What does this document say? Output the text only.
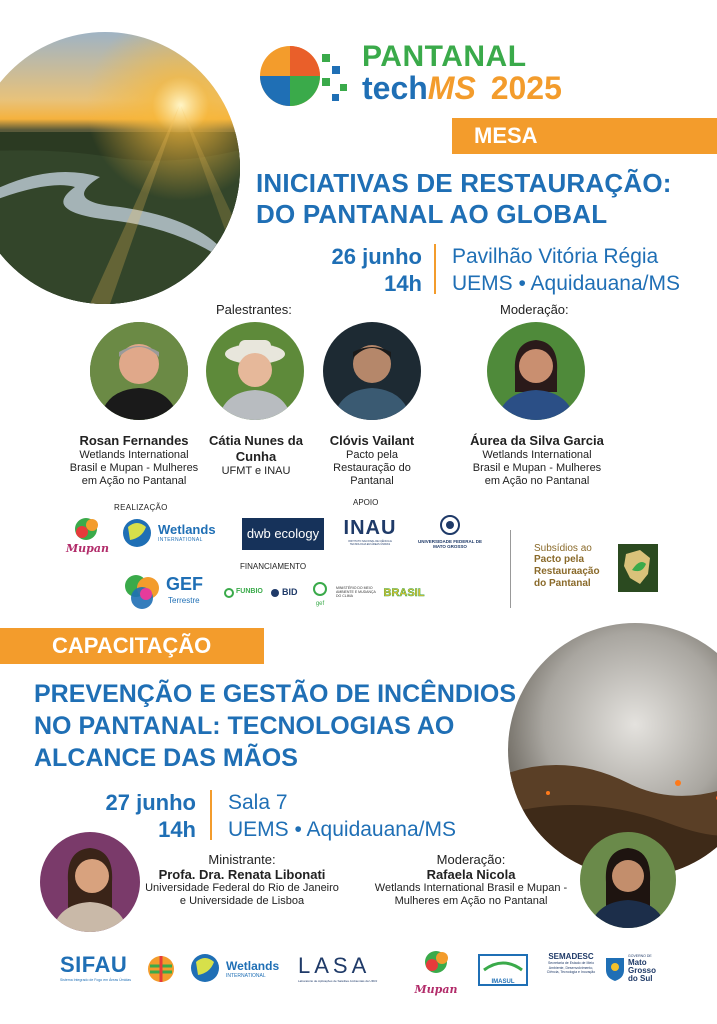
PANTANAL
techMS 2025
MESA
INICIATIVAS DE RESTAURAÇÃO:
DO PANTANAL AO GLOBAL
26 junho
14h
Pavilhão Vitória Régia
UEMS • Aquidauana/MS
Palestrantes:	Moderação:
Rosan Fernandes
Wetlands International Brasil e Mupan - Mulheres em Ação no Pantanal
Cátia Nunes da Cunha
UFMT e INAU
Clóvis Vailant
Pacto pela Restauração do Pantanal
Áurea da Silva Garcia
Wetlands International Brasil e Mupan - Mulheres em Ação no Pantanal
REALIZAÇÃO
APOIO
Mupan
Wetlands
INTERNATIONAL	dwb ecology INAU
INSTITUTO NACIONAL DE CIÊNCIA E TECNOLOGIA EM ÁREAS ÚMIDAS
UNIVERSIDADE FEDERAL DE MATO GROSSO
FINANCIAMENTO
GEF
Terrestre
FUNBIO BID
gef
MINISTÉRIO DO MEIO AMBIENTE E MUDANÇA DO CLIMA	BRASIL
Subsídios ao
Pacto pela
Restauraação
do Pantanal
CAPACITAÇÃO
PREVENÇÃO E GESTÃO DE INCÊNDIOS
NO PANTANAL: TECNOLOGIAS AO
ALCANCE DAS MÃOS
27 junho
14h
Sala 7
UEMS • Aquidauana/MS
Ministrante:
Profa. Dra. Renata Libonati
Universidade Federal do Rio de Janeiro
e Universidade de Lisboa
Moderação:
Rafaela Nicola
Wetlands International Brasil e Mupan -
Mulheres em Ação no Pantanal
SIFAU
Sistema Integrado de Fogo em Áreas Úmidas
Wetlands
INTERNATIONAL LASA
Laboratório de Aplicações de Satélites Ambientais da UFRJ
Mupan
IMASUL
SEMADESC
Secretaria de Estado de Meio Ambiente, Desenvolvimento, Ciência, Tecnologia e Inovação
GOVERNO DE
Mato Grosso do Sul
